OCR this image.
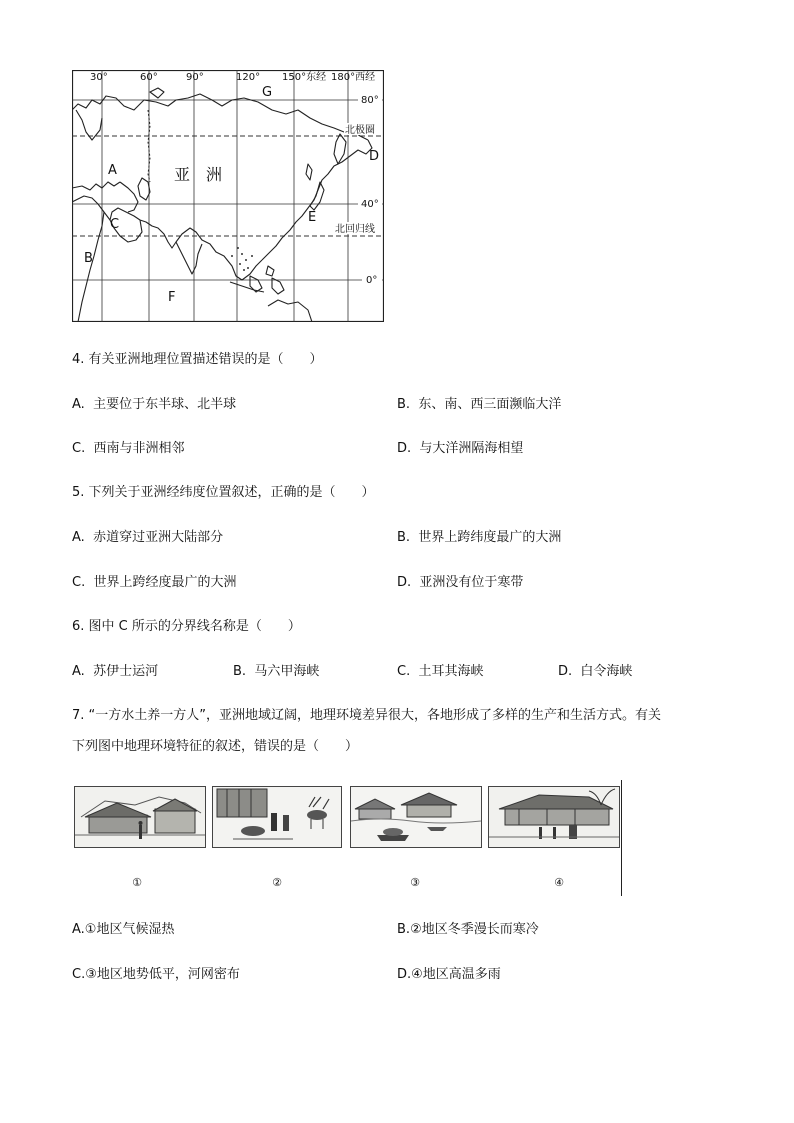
30°	60°	90°	120° 150°东经 180°西经
80°
40°
0°
北极圈
北回归线
A
B
C
D
E
F
G
亚　洲
4. 有关亚洲地理位置描述错误的是（　　）
A. 主要位于东半球、北半球	B. 东、南、西三面濒临大洋
C. 西南与非洲相邻	D. 与大洋洲隔海相望
5. 下列关于亚洲经纬度位置叙述，正确的是（　　）
A. 赤道穿过亚洲大陆部分	B. 世界上跨纬度最广的大洲
C. 世界上跨经度最广的大洲	D. 亚洲没有位于寒带
6. 图中 C 所示的分界线名称是（　　）
A. 苏伊士运河	B. 马六甲海峡	C. 土耳其海峡	D. 白令海峡
7. “一方水土养一方人”，亚洲地域辽阔，地理环境差异很大，各地形成了多样的生产和生活方式。有关
下列图中地理环境特征的叙述，错误的是（　　）
①	②	③	④
A.①地区气候湿热	B.②地区冬季漫长而寒冷
C.③地区地势低平，河网密布	D.④地区高温多雨
